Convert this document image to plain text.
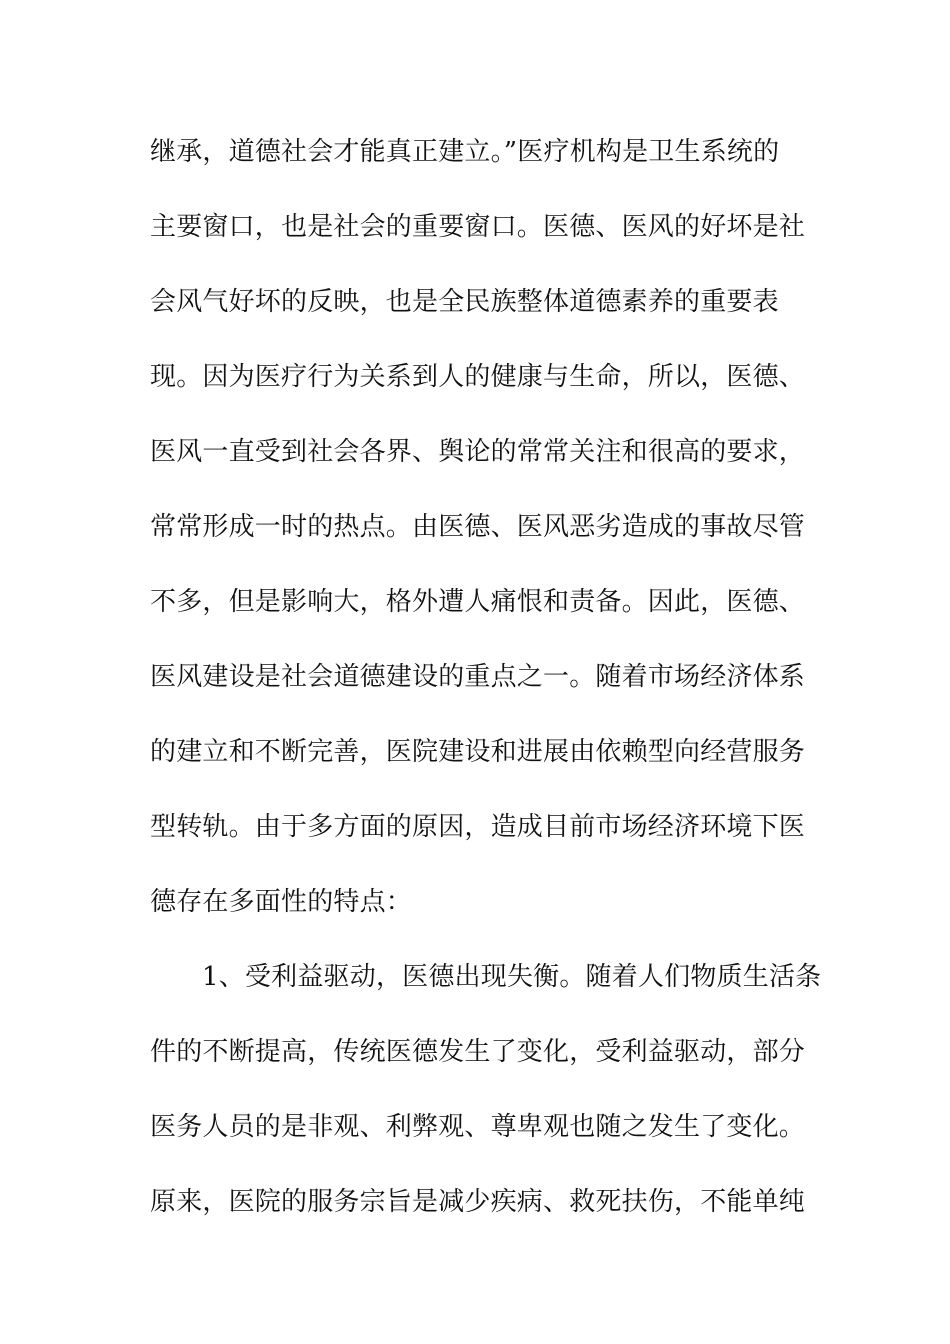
继承，道德社会才能真正建立。”医疗机构是卫生系统的
主要窗口，也是社会的重要窗口。医德、医风的好坏是社
会风气好坏的反映，也是全民族整体道德素养的重要表
现。因为医疗行为关系到人的健康与生命，所以，医德、
医风一直受到社会各界、舆论的常常关注和很高的要求，
常常形成一时的热点。由医德、医风恶劣造成的事故尽管
不多，但是影响大，格外遭人痛恨和责备。因此，医德、
医风建设是社会道德建设的重点之一。随着市场经济体系
的建立和不断完善，医院建设和进展由依赖型向经营服务
型转轨。由于多方面的原因，造成目前市场经济环境下医
德存在多面性的特点：
1、受利益驱动，医德出现失衡。随着人们物质生活条
件的不断提高，传统医德发生了变化，受利益驱动，部分
医务人员的是非观、利弊观、尊卑观也随之发生了变化。
原来，医院的服务宗旨是减少疾病、救死扶伤，不能单纯
